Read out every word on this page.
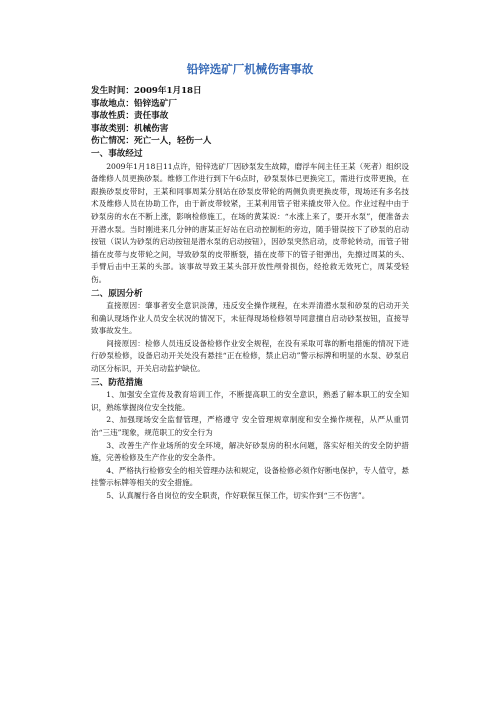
铅锌选矿厂机械伤害事故
发生时间：2009年1月18日
事故地点：铅锌选矿厂
事故性质：责任事故
事故类别：机械伤害
伤亡情况：死亡一人，轻伤一人
一、事故经过

2009年1月18日11点许，铅锌选矿厂因砂泵发生故障，磨浮车间主任王某（死者）组织设备维修人员更换砂泵。维修工作进行到下午6点时，砂泵泵体已更换完工，需进行皮带更换，在跟换砂泵皮带时，王某和同事周某分别站在砂泵皮带轮的两侧负责更换皮带，现场还有多名技术及维修人员在协助工作，由于新皮带较紧，王某利用管子钳来撬皮带入位。作业过程中由于砂泵房的水在不断上涨，影响检修施工，在场的黄某说：“水涨上来了，要开水泵”，便准备去开潜水泵。当时刚进来几分钟的唐某正好站在启动控制柜的旁边，随手错误按下了砂泵的启动按钮（误认为砂泵的启动按钮是潜水泵的启动按钮），因砂泵突然启动，皮带轮转动，而管子钳插在皮带与皮带轮之间，导致砂泵的皮带断裂，插在皮带下的管子钳弹出，先擦过周某的头、手臂后击中王某的头部。该事故导致王某头部开放性颅骨损伤，经抢救无效死亡，周某受轻伤。

二、原因分析

直接原因：肇事者安全意识淡薄，违反安全操作规程，在未弄清潜水泵和砂泵的启动开关和确认现场作业人员安全状况的情况下，未征得现场检修领导同意擅自启动砂泵按钮，直接导致事故发生。

间接原因：检修人员违反设备检修作业安全规程，在没有采取可靠的断电措施的情况下进行砂泵检修，设备启动开关处没有悬挂“正在检修，禁止启动”警示标牌和明显的水泵、砂泵启动区分标识，开关启动监护缺位。

三、防范措施

1、加强安全宣传及教育培训工作，不断提高职工的安全意识，熟悉了解本职工的安全知识，熟练掌握岗位安全技能。

2、加强现场安全监督管理，严格遵守 安全管理规章制度和安全操作规程，从严从重罚治“三违”现象，规范职工的安全行为

3、改善生产作业场所的安全环境，解决好砂泵房的积水问题，落实好相关的安全防护措施，完善检修及生产作业的安全条件。

4、严格执行检修安全的相关管理办法和规定，设备检修必须作好断电保护，专人值守，悬挂警示标牌等相关的安全措施。

5、认真履行各自岗位的安全职责，作好联保互保工作，切实作到“三不伤害”。
